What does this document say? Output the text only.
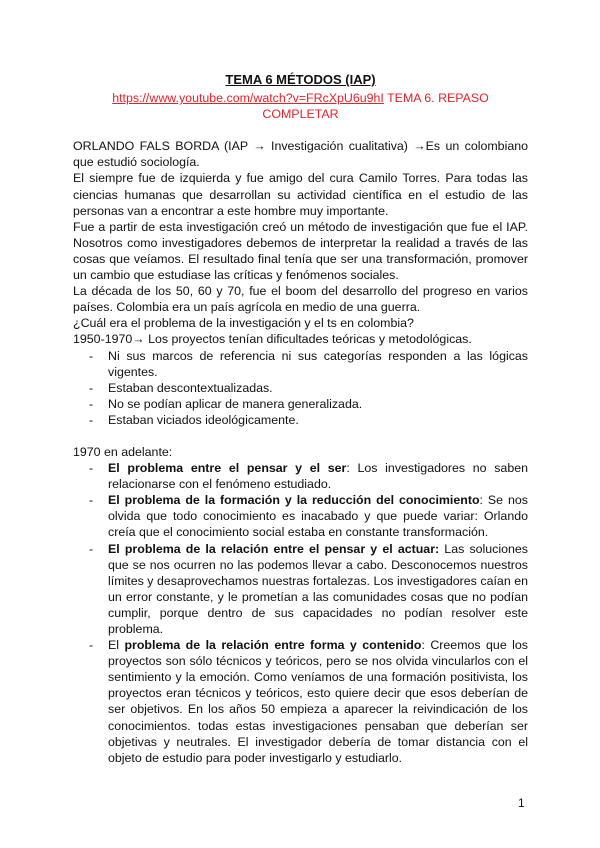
TEMA 6 MÉTODOS (IAP)

https://www.youtube.com/watch?v=FRcXpU6u9hI TEMA 6. REPASO COMPLETAR

ORLANDO FALS BORDA (IAP → Investigación cualitativa) →Es un colombiano que estudió sociología.

El siempre fue de izquierda y fue amigo del cura Camilo Torres. Para todas las ciencias humanas que desarrollan su actividad científica en el estudio de las personas van a encontrar a este hombre muy importante.

Fue a partir de esta investigación creó un método de investigación que fue el IAP. Nosotros como investigadores debemos de interpretar la realidad a través de las cosas que veíamos. El resultado final tenía que ser una transformación, promover un cambio que estudiase las críticas y fenómenos sociales.

La década de los 50, 60 y 70, fue el boom del desarrollo del progreso en varios países. Colombia era un país agrícola en medio de una guerra.

¿Cuál era el problema de la investigación y el ts en colombia?

1950-1970→ Los proyectos tenían dificultades teóricas y metodológicas.

- Ni sus marcos de referencia ni sus categorías responden a las lógicas vigentes.
- Estaban descontextualizadas.
- No se podían aplicar de manera generalizada.
- Estaban viciados ideológicamente.

1970 en adelante:

- El problema entre el pensar y el ser: Los investigadores no saben relacionarse con el fenómeno estudiado.
- El problema de la formación y la reducción del conocimiento: Se nos olvida que todo conocimiento es inacabado y que puede variar: Orlando creía que el conocimiento social estaba en constante transformación.
- El problema de la relación entre el pensar y el actuar: Las soluciones que se nos ocurren no las podemos llevar a cabo. Desconocemos nuestros límites y desaprovechamos nuestras fortalezas. Los investigadores caían en un error constante, y le prometían a las comunidades cosas que no podían cumplir, porque dentro de sus capacidades no podían resolver este problema.
- El problema de la relación entre forma y contenido: Creemos que los proyectos son sólo técnicos y teóricos, pero se nos olvida vincularlos con el sentimiento y la emoción. Como veníamos de una formación positivista, los proyectos eran técnicos y teóricos, esto quiere decir que esos deberían de ser objetivos. En los años 50 empieza a aparecer la reivindicación de los conocimientos. todas estas investigaciones pensaban que deberían ser objetivas y neutrales. El investigador debería de tomar distancia con el objeto de estudio para poder investigarlo y estudiarlo.
1
